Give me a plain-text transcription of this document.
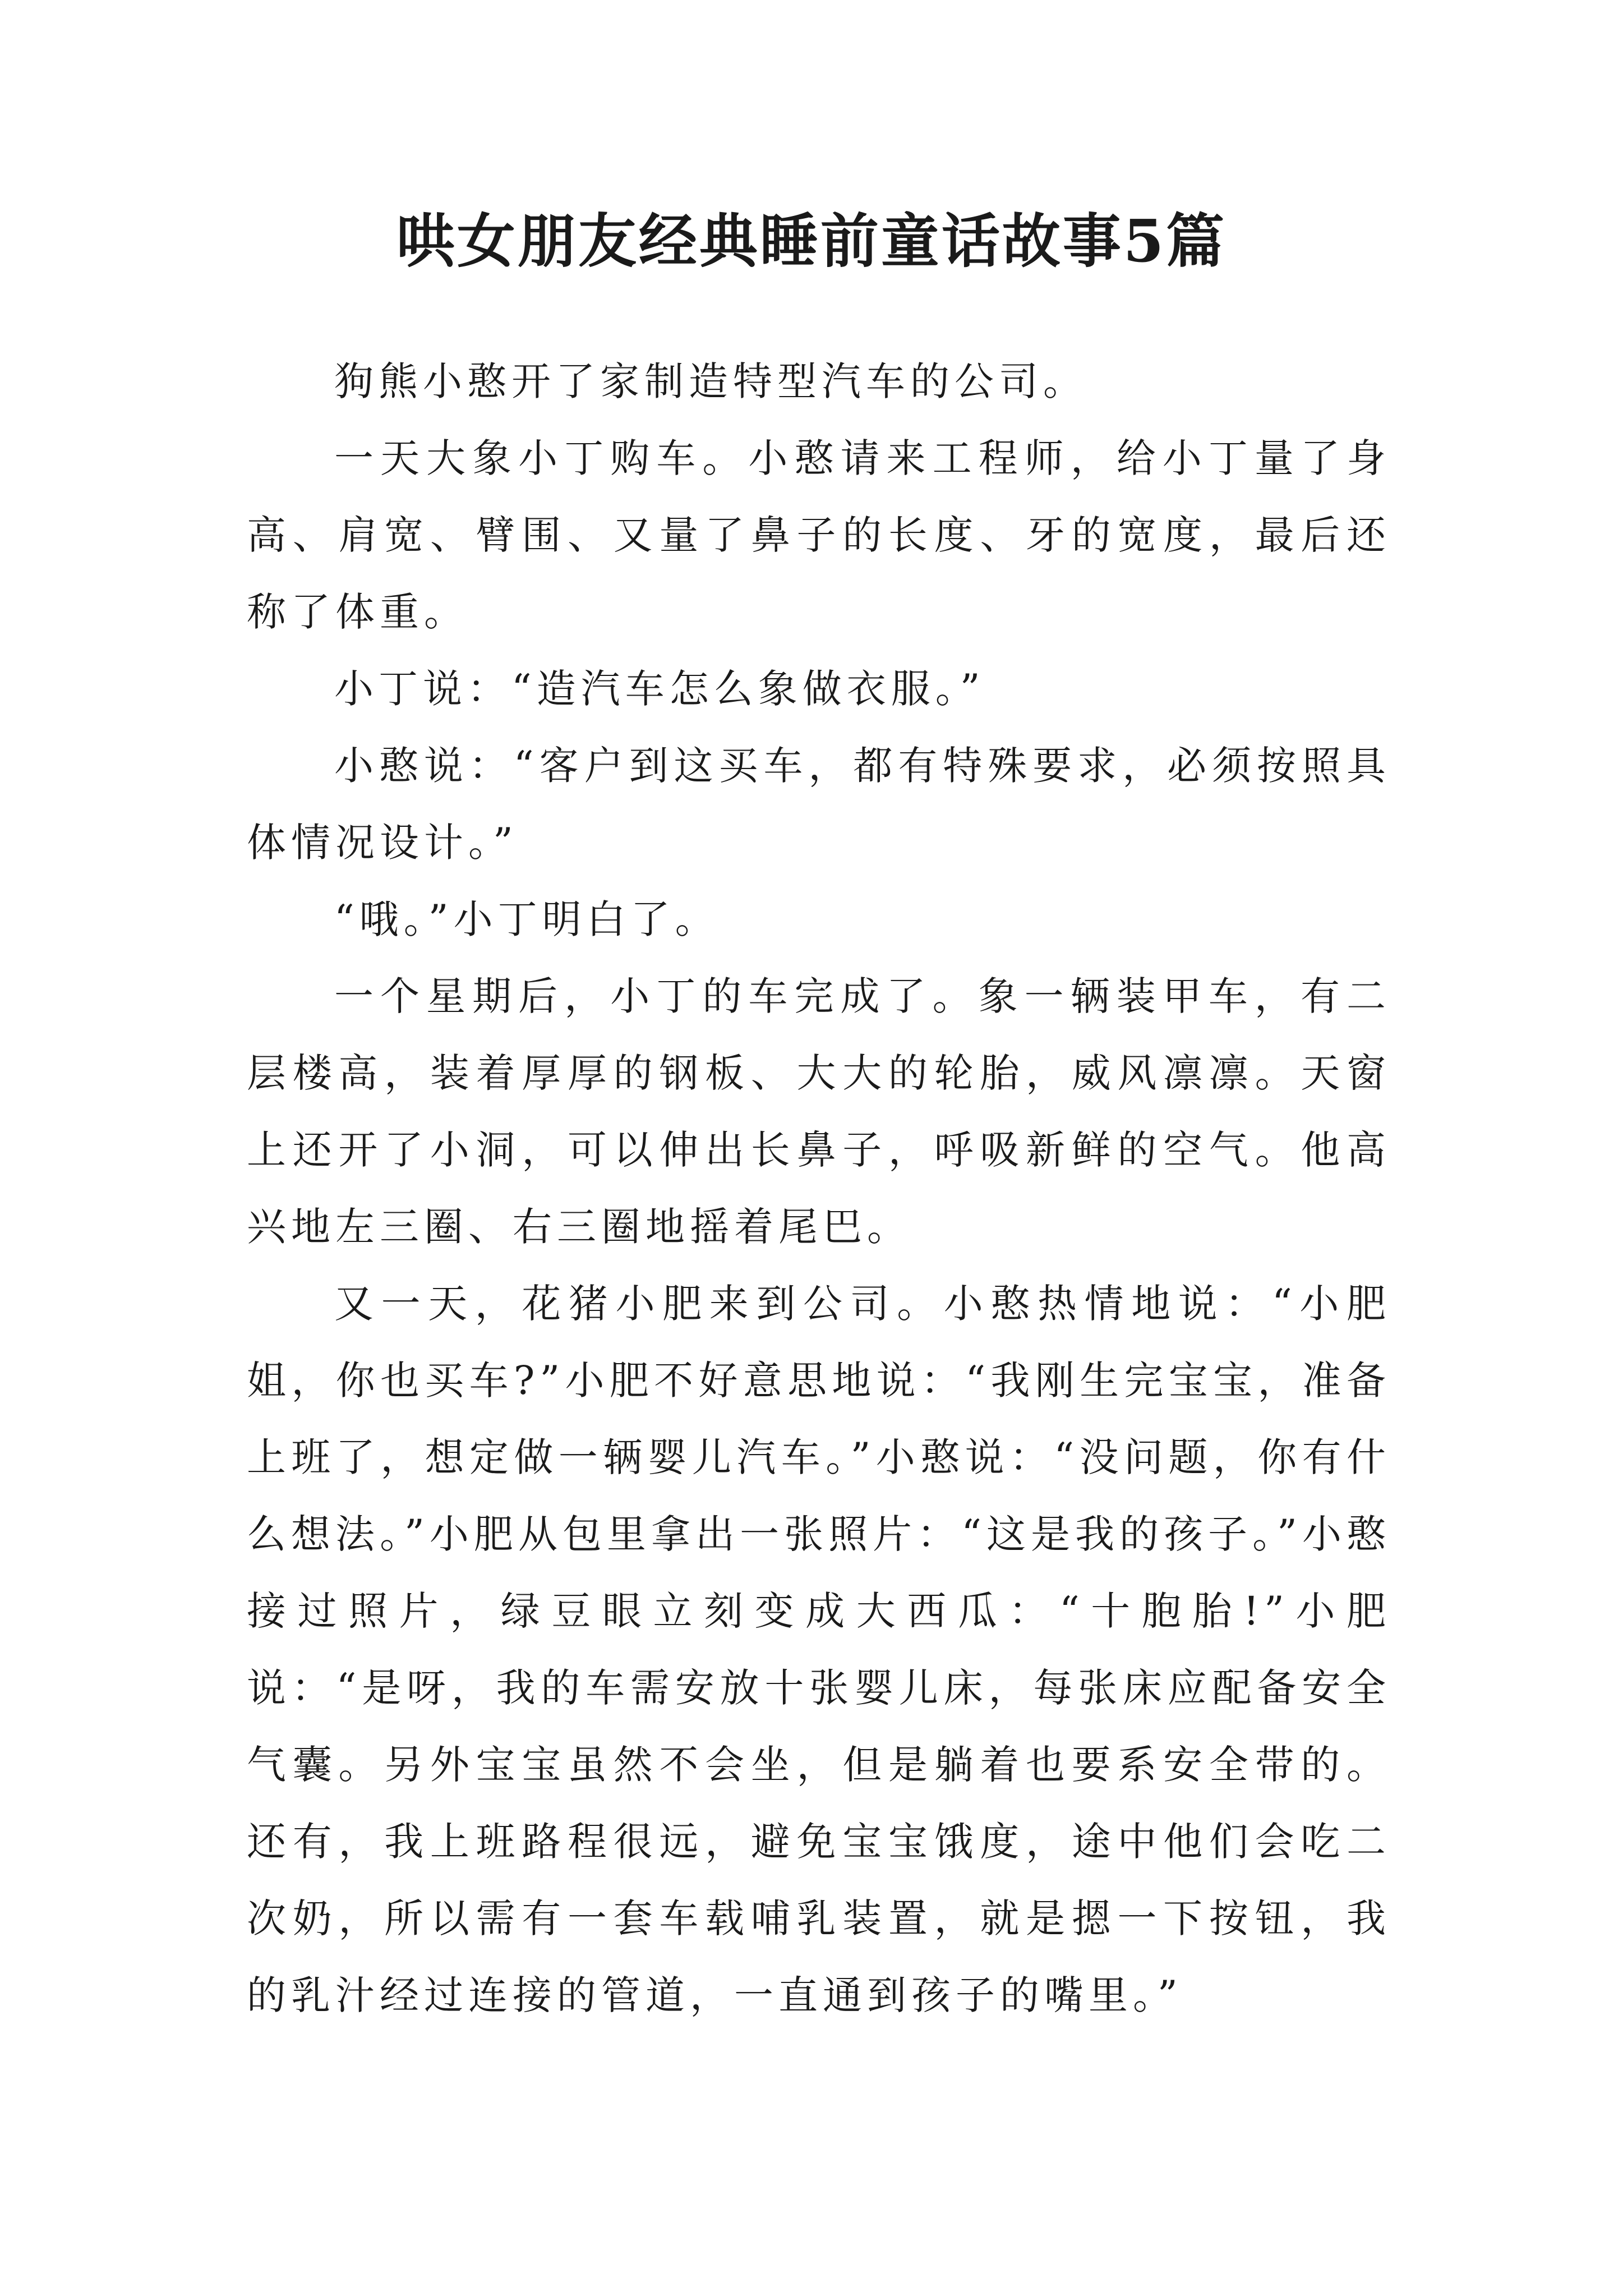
哄女朋友经典睡前童话故事5篇

狗熊小憨开了家制造特型汽车的公司。

一天大象小丁购车。小憨请来工程师，给小丁量了身高、肩宽、臂围、又量了鼻子的长度、牙的宽度，最后还称了体重。

小丁说：“造汽车怎么象做衣服。”

小憨说：“客户到这买车，都有特殊要求，必须按照具体情况设计。”

“哦。”小丁明白了。

一个星期后，小丁的车完成了。象一辆装甲车，有二层楼高，装着厚厚的钢板、大大的轮胎，威风凛凛。天窗上还开了小洞，可以伸出长鼻子，呼吸新鲜的空气。他高兴地左三圈、右三圈地摇着尾巴。

又一天，花猪小肥来到公司。小憨热情地说：“小肥姐，你也买车?”小肥不好意思地说：“我刚生完宝宝，准备上班了，想定做一辆婴儿汽车。”小憨说：“没问题，你有什么想法。”小肥从包里拿出一张照片：“这是我的孩子。”小憨接过照片，绿豆眼立刻变成大西瓜：“十胞胎!”小肥说：“是呀，我的车需安放十张婴儿床，每张床应配备安全气囊。另外宝宝虽然不会坐，但是躺着也要系安全带的。还有，我上班路程很远，避免宝宝饿度，途中他们会吃二次奶，所以需有一套车载哺乳装置，就是摁一下按钮，我的乳汁经过连接的管道，一直通到孩子的嘴里。”
